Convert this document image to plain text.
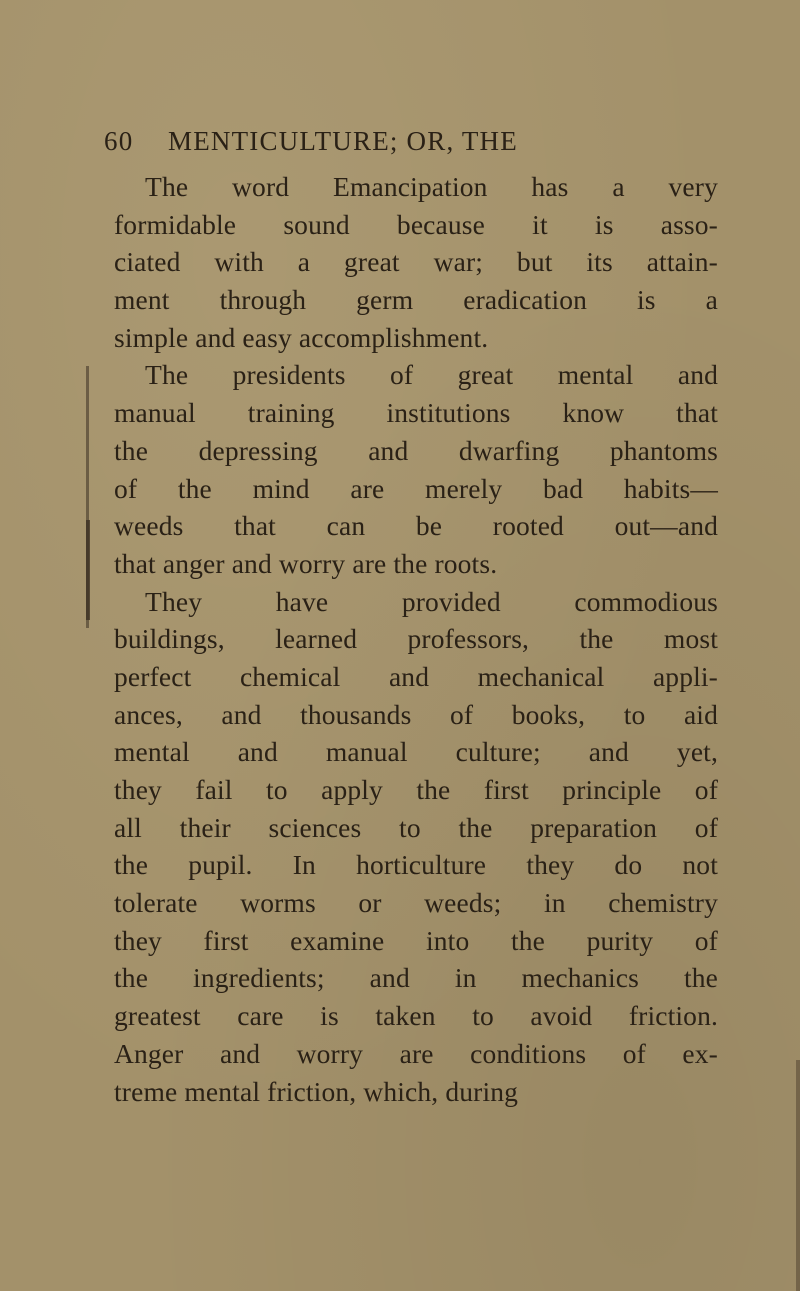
60 MENTICULTURE; OR, THE
The word Emancipation has a very
formidable sound because it is asso-
ciated with a great war; but its attain-
ment through germ eradication is a
simple and easy accomplishment.
The presidents of great mental and
manual training institutions know that
the depressing and dwarfing phantoms
of the mind are merely bad habits—
weeds that can be rooted out—and
that anger and worry are the roots.
They have provided commodious
buildings, learned professors, the most
perfect chemical and mechanical appli-
ances, and thousands of books, to aid
mental and manual culture; and yet,
they fail to apply the first principle of
all their sciences to the preparation of
the pupil. In horticulture they do not
tolerate worms or weeds; in chemistry
they first examine into the purity of
the ingredients; and in mechanics the
greatest care is taken to avoid friction.
Anger and worry are conditions of ex-
treme mental friction, which, during
